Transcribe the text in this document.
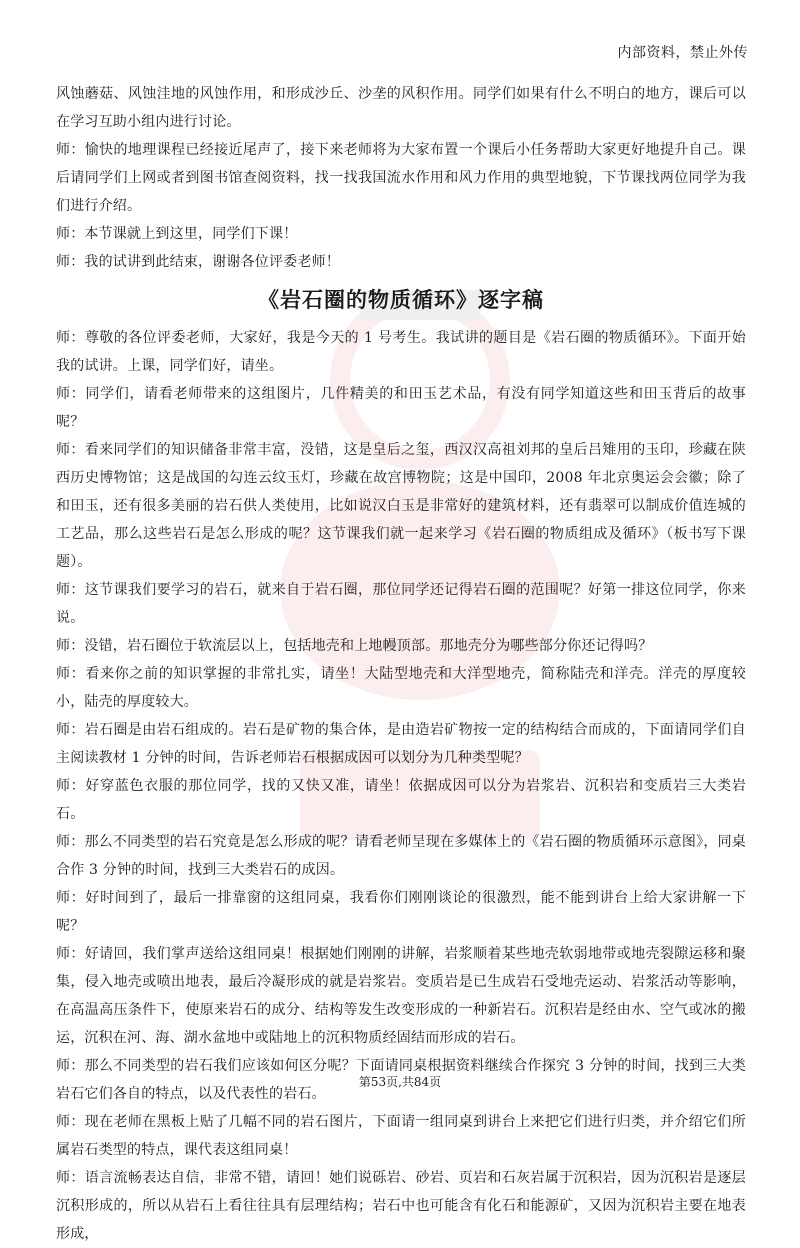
内部资料，禁止外传

风蚀蘑菇、风蚀洼地的风蚀作用，和形成沙丘、沙垄的风积作用。同学们如果有什么不明白的地方，课后可以在学习互助小组内进行讨论。

师：愉快的地理课程已经接近尾声了，接下来老师将为大家布置一个课后小任务帮助大家更好地提升自己。课后请同学们上网或者到图书馆查阅资料，找一找我国流水作用和风力作用的典型地貌，下节课找两位同学为我们进行介绍。

师：本节课就上到这里，同学们下课！

师：我的试讲到此结束，谢谢各位评委老师！

《岩石圈的物质循环》逐字稿

师：尊敬的各位评委老师，大家好，我是今天的 1 号考生。我试讲的题目是《岩石圈的物质循环》。下面开始我的试讲。上课，同学们好，请坐。

师：同学们，请看老师带来的这组图片，几件精美的和田玉艺术品，有没有同学知道这些和田玉背后的故事呢？

师：看来同学们的知识储备非常丰富，没错，这是皇后之玺，西汉汉高祖刘邦的皇后吕雉用的玉印，珍藏在陕西历史博物馆；这是战国的勾连云纹玉灯，珍藏在故宫博物院；这是中国印，2008 年北京奥运会会徽；除了和田玉，还有很多美丽的岩石供人类使用，比如说汉白玉是非常好的建筑材料，还有翡翠可以制成价值连城的工艺品，那么这些岩石是怎么形成的呢？这节课我们就一起来学习《岩石圈的物质组成及循环》（板书写下课题）。

师：这节课我们要学习的岩石，就来自于岩石圈，那位同学还记得岩石圈的范围呢？好第一排这位同学，你来说。

师：没错，岩石圈位于软流层以上，包括地壳和上地幔顶部。那地壳分为哪些部分你还记得吗？

师：看来你之前的知识掌握的非常扎实，请坐！大陆型地壳和大洋型地壳，简称陆壳和洋壳。洋壳的厚度较小，陆壳的厚度较大。

师：岩石圈是由岩石组成的。岩石是矿物的集合体，是由造岩矿物按一定的结构结合而成的，下面请同学们自主阅读教材 1 分钟的时间，告诉老师岩石根据成因可以划分为几种类型呢？

师：好穿蓝色衣服的那位同学，找的又快又准，请坐！依据成因可以分为岩浆岩、沉积岩和变质岩三大类岩石。

师：那么不同类型的岩石究竟是怎么形成的呢？请看老师呈现在多媒体上的《岩石圈的物质循环示意图》，同桌合作 3 分钟的时间，找到三大类岩石的成因。

师：好时间到了，最后一排靠窗的这组同桌，我看你们刚刚谈论的很激烈，能不能到讲台上给大家讲解一下呢？

师：好请回，我们掌声送给这组同桌！根据她们刚刚的讲解，岩浆顺着某些地壳软弱地带或地壳裂隙运移和聚集，侵入地壳或喷出地表，最后冷凝形成的就是岩浆岩。变质岩是已生成岩石受地壳运动、岩浆活动等影响，在高温高压条件下，使原来岩石的成分、结构等发生改变形成的一种新岩石。沉积岩是经由水、空气或冰的搬运，沉积在河、海、湖水盆地中或陆地上的沉积物质经固结而形成的岩石。

师：那么不同类型的岩石我们应该如何区分呢？下面请同桌根据资料继续合作探究 3 分钟的时间，找到三大类岩石它们各自的特点，以及代表性的岩石。

师：现在老师在黑板上贴了几幅不同的岩石图片，下面请一组同桌到讲台上来把它们进行归类，并介绍它们所属岩石类型的特点，课代表这组同桌！

师：语言流畅表达自信，非常不错，请回！她们说砾岩、砂岩、页岩和石灰岩属于沉积岩，因为沉积岩是逐层沉积形成的，所以从岩石上看往往具有层理结构；岩石中也可能含有化石和能源矿，又因为沉积岩主要在地表形成，

第53页,共84页
